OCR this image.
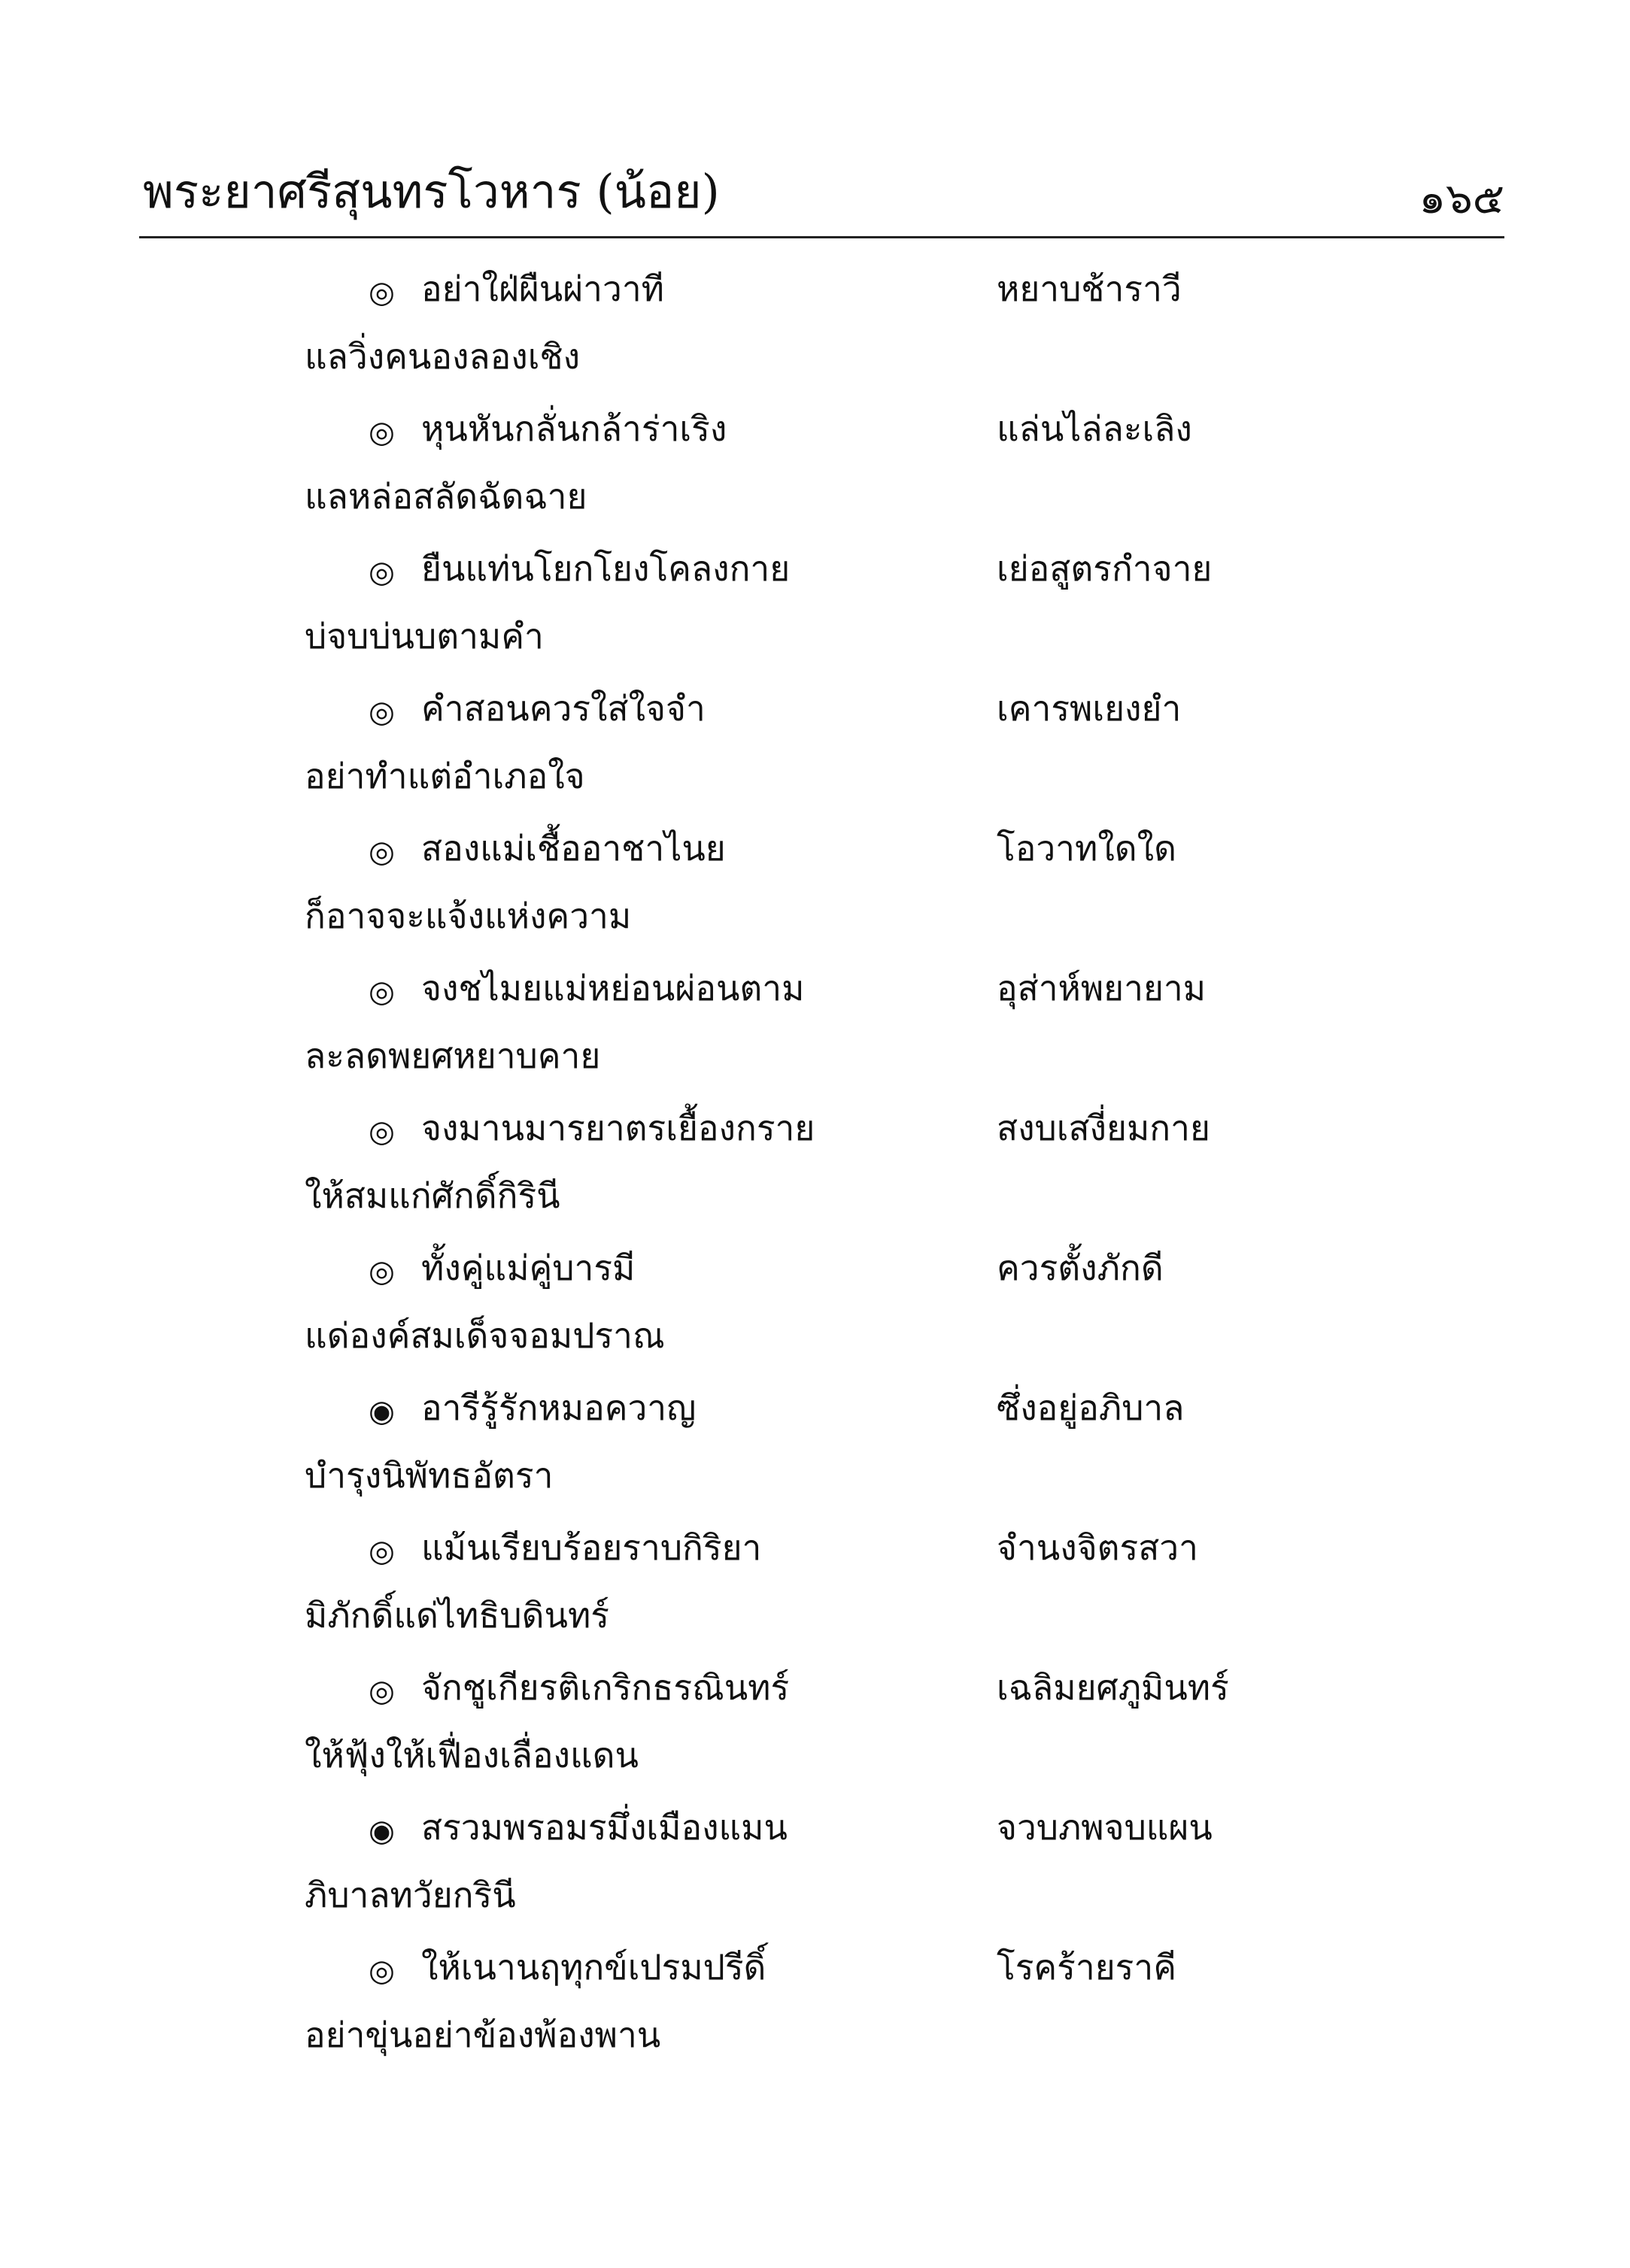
พระยาศรีสุนทรโวหาร (น้อย)	๑๖๕
◎ อย่าใฝ่ผืนผ่าวาที	หยาบช้าราวี
แลวิ่งคนองลองเชิง
◎ หุนหันกลั่นกล้าร่าเริง	แล่นไล่ละเลิง
แลหล่อสลัดฉัดฉาย
◎ ยืนแท่นโยกโยงโคลงกาย	เย่อสูตรกำจาย
บ่จบบ่นบตามคำ
◎ คำสอนควรใส่ใจจำ	เคารพเยงยำ
อย่าทำแต่อำเภอใจ
◎ สองแม่เชื้ออาชาไนย	โอวาทใดใด
ก็อาจจะแจ้งแห่งความ
◎ จงชไมยแม่หย่อนผ่อนตาม	อุส่าห์พยายาม
ละลดพยศหยาบคาย
◎ จงมานมารยาตรเยื้องกราย	สงบเสงี่ยมกาย
ให้สมแก่ศักดิ์กิรินี
◎ ทั้งคู่แม่คู่บารมี	ควรตั้งภักดี
แด่องค์สมเด็จจอมปราณ
◉ อารีรู้รักหมอควาญ	ซึ่งอยู่อภิบาล
บำรุงนิพัทธอัตรา
◎ แม้นเรียบร้อยราบกิริยา	จำนงจิตรสวา
มิภักดิ์แด่ไทธิบดินทร์
◎ จักชูเกียรติเกริกธรณินทร์	เฉลิมยศภูมินทร์
ให้ฟุ้งให้เฟื่องเลื่องแดน
◉ สรวมพรอมรมึ่งเมืองแมน	จวบภพจบแผน
ภิบาลทวัยกรินี
◎ ให้เนานฤทุกข์เปรมปรีดิ์	โรคร้ายราคี
อย่าขุ่นอย่าข้องพ้องพาน
